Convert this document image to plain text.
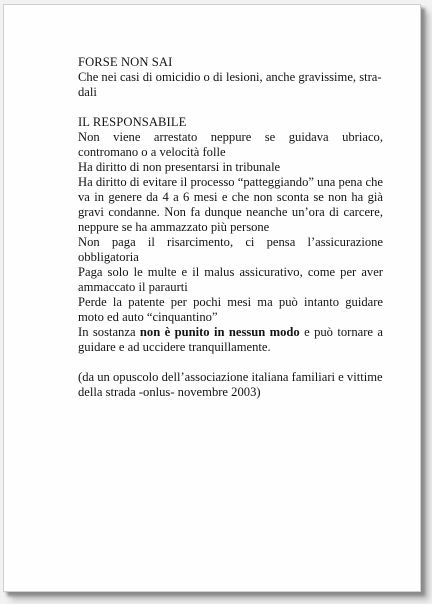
FORSE NON SAI

Che nei casi di omicidio o di lesioni, anche gravissime, stra-

dali

IL RESPONSABILE

Non viene arrestato neppure se guidava ubriaco, contromano o a velocità folle

Ha diritto di non presentarsi in tribunale

Ha diritto di evitare il processo “patteggiando” una pena che va in genere da 4 a 6 mesi e che non sconta se non ha già gravi condanne. Non fa dunque neanche un’ora di carcere, neppure se ha ammazzato più persone

Non paga il risarcimento, ci pensa l’assicurazione obbligatoria

Paga solo le multe e il malus assicurativo, come per aver ammaccato il paraurti

Perde la patente per pochi mesi ma può intanto guidare moto ed auto “cinquantino”

In sostanza non è punito in nessun modo e può tornare a guidare e ad uccidere tranquillamente.

(da un opuscolo dell’associazione italiana familiari e vittime

della strada -onlus- novembre 2003)
